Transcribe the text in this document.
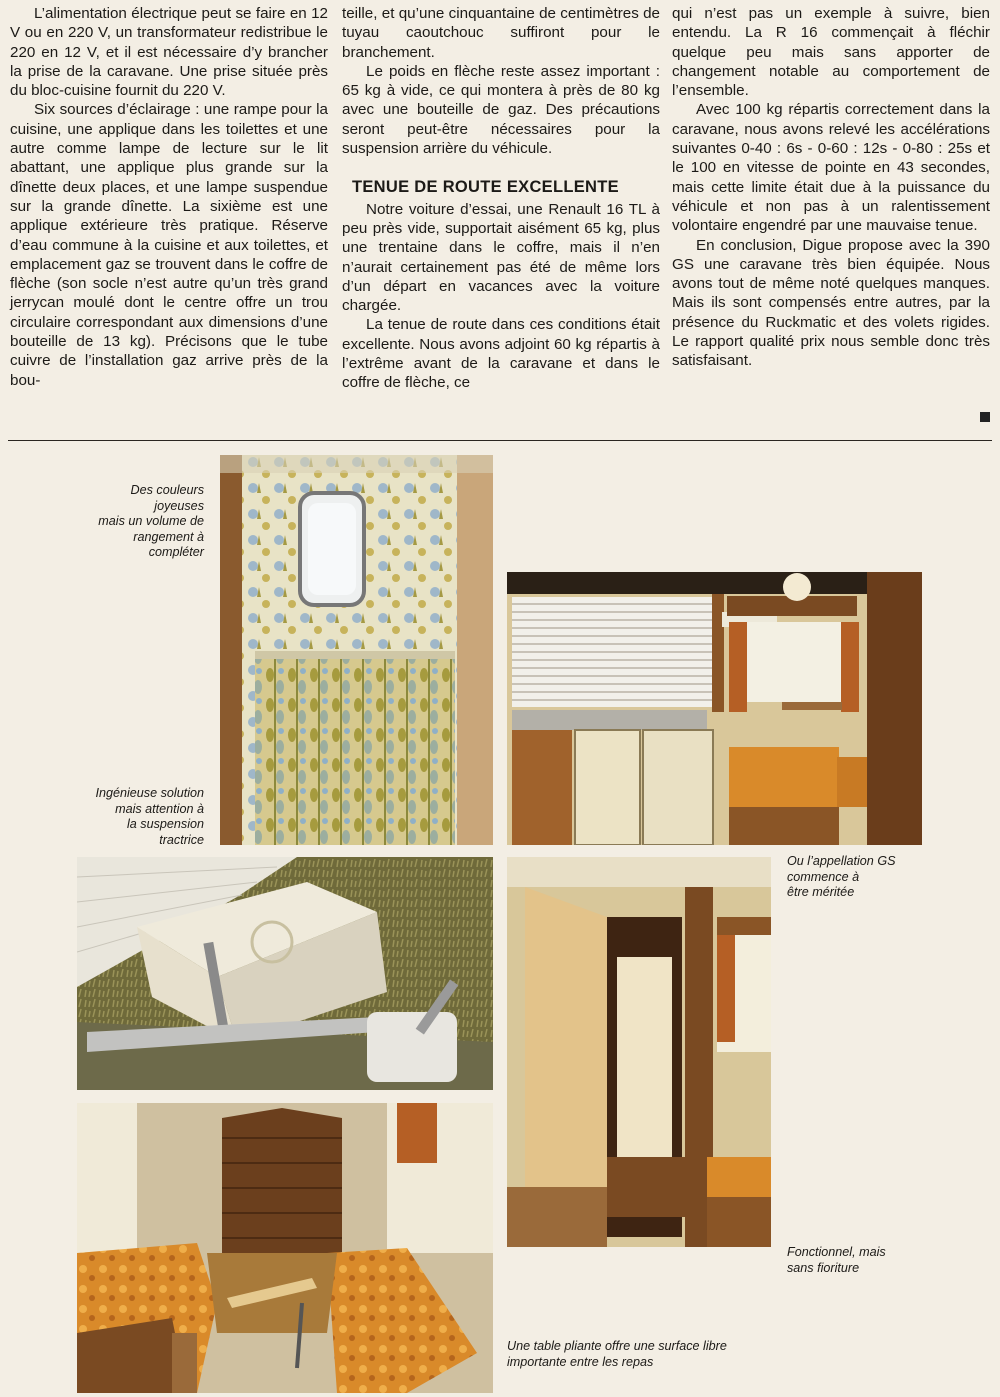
L’alimentation électrique peut se faire en 12 V ou en 220 V, un transformateur redistribue le 220 en 12 V, et il est nécessaire d’y brancher la prise de la caravane. Une prise située près du bloc-cuisine fournit du 220 V.

Six sources d’éclairage : une rampe pour la cuisine, une applique dans les toilettes et une autre comme lampe de lecture sur le lit abattant, une applique plus grande sur la dînette deux places, et une lampe suspendue sur la grande dînette. La sixième est une applique extérieure très pratique. Réserve d’eau commune à la cuisine et aux toilettes, et emplacement gaz se trouvent dans le coffre de flèche (son socle n’est autre qu’un très grand jerrycan moulé dont le centre offre un trou circulaire correspondant aux dimensions d’une bouteille de 13 kg). Précisons que le tube cuivre de l’installation gaz arrive près de la bou-

teille, et qu’une cinquantaine de centimètres de tuyau caoutchouc suffiront pour le branchement.

Le poids en flèche reste assez important : 65 kg à vide, ce qui montera à près de 80 kg avec une bouteille de gaz. Des précautions seront peut-être nécessaires pour la suspension arrière du véhicule.

TENUE DE ROUTE EXCELLENTE

Notre voiture d’essai, une Renault 16 TL à peu près vide, supportait aisément 65 kg, plus une trentaine dans le coffre, mais il n’en n’aurait certainement pas été de même lors d’un départ en vacances avec la voiture chargée.

La tenue de route dans ces conditions était excellente. Nous avons adjoint 60 kg répartis à l’extrême avant de la caravane et dans le coffre de flèche, ce

qui n’est pas un exemple à suivre, bien entendu. La R 16 commençait à fléchir quelque peu mais sans apporter de changement notable au comportement de l’ensemble.

Avec 100 kg répartis correctement dans la caravane, nous avons relevé les accélérations suivantes 0-40 : 6s - 0-60 : 12s - 0-80 : 25s et le 100 en vitesse de pointe en 43 secondes, mais cette limite était due à la puissance du véhicule et non pas à un ralentissement volontaire engendré par une mauvaise tenue.

En conclusion, Digue propose avec la 390 GS une caravane très bien équipée. Nous avons tout de même noté quelques manques. Mais ils sont compensés entre autres, par la présence du Ruckmatic et des volets rigides. Le rapport qualité prix nous semble donc très satisfaisant.

Des couleurs
joyeuses
mais un volume de
rangement à
compléter
Ingénieuse solution
mais attention à
la suspension
tractrice
Ou l’appellation GS
commence à
être méritée
Fonctionnel, mais
sans fioriture
Une table pliante offre une surface libre
importante entre les repas
